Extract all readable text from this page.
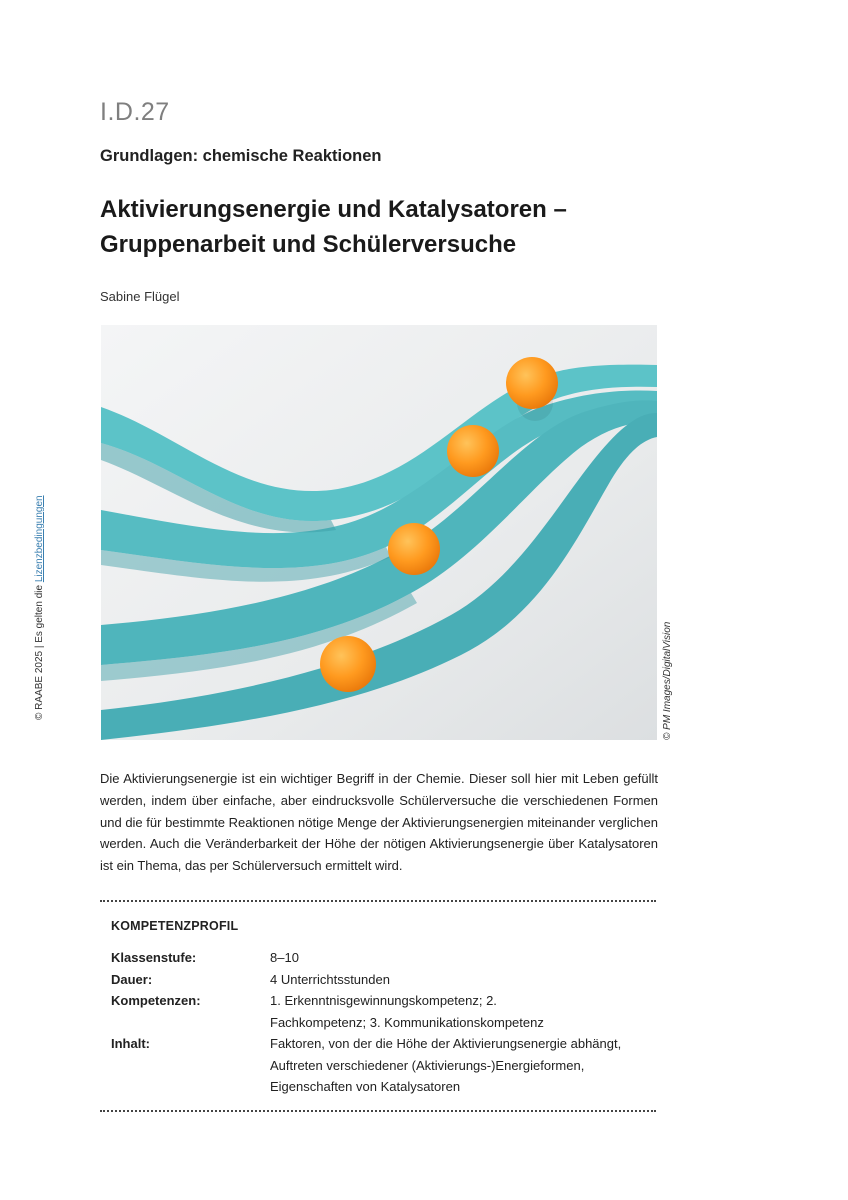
I.D.27
Grundlagen: chemische Reaktionen
Aktivierungsenergie und Katalysatoren – Gruppenarbeit und Schülerversuche
Sabine Flügel
© PM Images/DigitalVision
© RAABE 2025 | Es gelten die Lizenzbedingungen
Die Aktivierungsenergie ist ein wichtiger Begriff in der Chemie. Dieser soll hier mit Leben gefüllt werden, indem über einfache, aber eindrucksvolle Schülerversuche die verschiedenen Formen und die für bestimmte Reaktionen nötige Menge der Aktivierungsenergien miteinander verglichen werden. Auch die Veränderbarkeit der Höhe der nötigen Aktivierungsenergie über Katalysatoren ist ein Thema, das per Schülerversuch ermittelt wird.
KOMPETENZPROFIL
Klassenstufe:	8–10
Dauer:	4 Unterrichtsstunden
Kompetenzen:	1. Erkenntnisgewinnungskompetenz; 2. Fachkompetenz; 3. Kommunikationskompetenz
Inhalt:	Faktoren, von der die Höhe der Aktivierungsenergie abhängt, Auftreten verschiedener (Aktivierungs-)Energieformen, Eigenschaften von Katalysatoren
